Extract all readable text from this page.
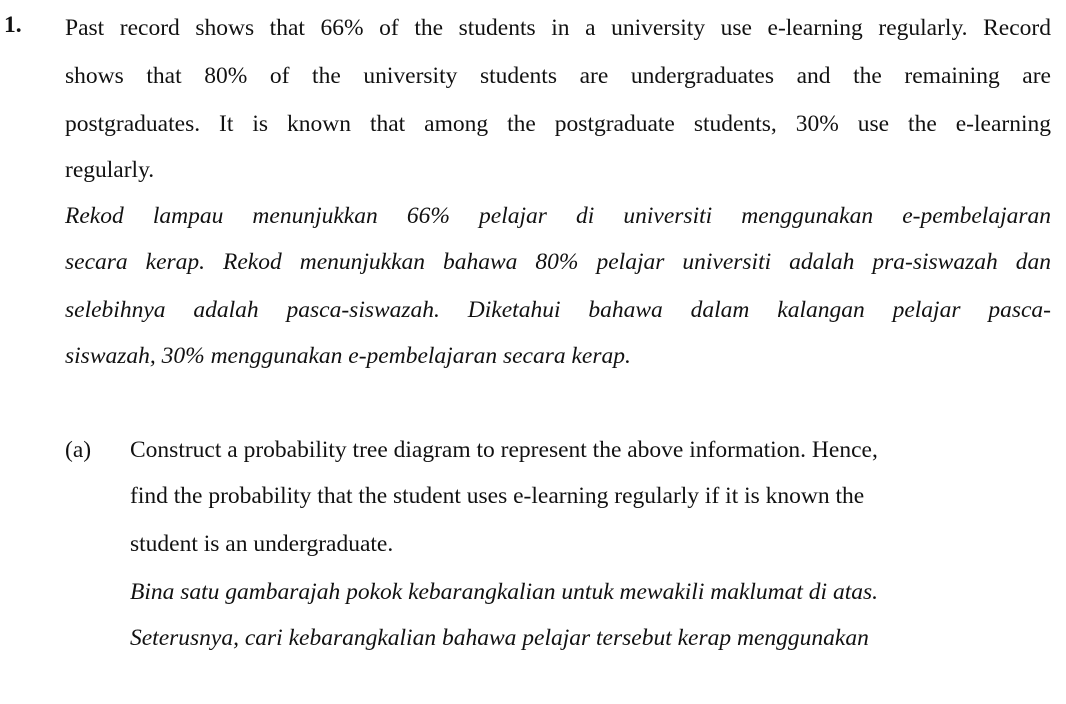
1. Past record shows that 66% of the students in a university use e-learning regularly. Record
shows that 80% of the university students are undergraduates and the remaining are
postgraduates. It is known that among the postgraduate students, 30% use the e-learning
regularly.
Rekod lampau menunjukkan 66% pelajar di universiti menggunakan e-pembelajaran
secara kerap. Rekod menunjukkan bahawa 80% pelajar universiti adalah pra-siswazah dan
selebihnya adalah pasca-siswazah. Diketahui bahawa dalam kalangan pelajar pasca-
siswazah, 30% menggunakan e-pembelajaran secara kerap.
(a) Construct a probability tree diagram to represent the above information. Hence,
find the probability that the student uses e-learning regularly if it is known the
student is an undergraduate.
Bina satu gambarajah pokok kebarangkalian untuk mewakili maklumat di atas.
Seterusnya, cari kebarangkalian bahawa pelajar tersebut kerap menggunakan
